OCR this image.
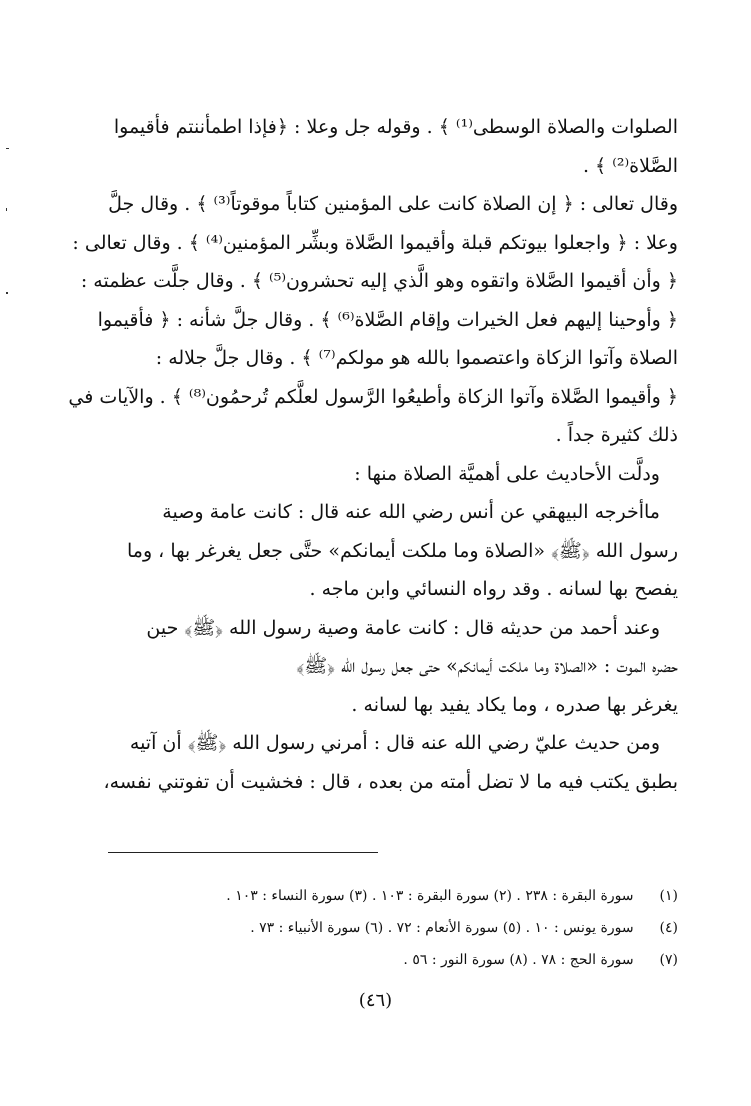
الصلوات والصلاة الوسطى⁽¹⁾ ﴾ . وقوله جل وعلا : ﴿فإذا اطمأننتم فأقيموا
الصَّلاة⁽²⁾ ﴾ .
وقال تعالى : ﴿ إن الصلاة كانت على المؤمنين كتاباً موقوتاً⁽³⁾ ﴾ . وقال جلَّ
وعلا : ﴿ واجعلوا بيوتكم قبلة وأقيموا الصَّلاة وبشِّر المؤمنين⁽⁴⁾ ﴾ . وقال تعالى :
﴿ وأن أقيموا الصَّلاة واتقوه وهو الَّذي إليه تحشرون⁽⁵⁾ ﴾ . وقال جلَّت عظمته :
﴿ وأوحينا إليهم فعل الخيرات وإقام الصَّلاة⁽⁶⁾ ﴾ . وقال جلَّ شأنه : ﴿ فأقيموا
الصلاة وآتوا الزكاة واعتصموا بالله هو مولكم⁽⁷⁾ ﴾ . وقال جلَّ جلاله :
﴿ وأقيموا الصَّلاة وآتوا الزكاة وأطيعُوا الرَّسول لعلَّكم تُرحمُون⁽⁸⁾ ﴾ . والآيات في
ذلك كثيرة جداً .
ودلَّت الأحاديث على أهميَّة الصلاة منها :
ماأخرجه البيهقي عن أنس رضي الله عنه قال : كانت عامة وصية
رسول الله ﴿ﷺ﴾ «الصلاة وما ملكت أيمانكم» حتَّى جعل يغرغر بها ، وما
يفصح بها لسانه . وقد رواه النسائي وابن ماجه .
وعند أحمد من حديثه قال : كانت عامة وصية رسول الله ﴿ﷺ﴾ حين
حضره الموت : «الصلاة وما ملكت أيمانكم» حتى جعل رسول الله ﴿ﷺ﴾
يغرغر بها صدره ، وما يكاد يفيد بها لسانه .
ومن حديث عليّ رضي الله عنه قال : أمرني رسول الله ﴿ﷺ﴾ أن آتيه
بطبق يكتب فيه ما لا تضل أمته من بعده ، قال : فخشيت أن تفوتني نفسه،
(١) سورة البقرة : ٢٣٨ . (٢) سورة البقرة : ١٠٣ . (٣) سورة النساء : ١٠٣ .
(٤) سورة يونس : ١٠ . (٥) سورة الأنعام : ٧٢ . (٦) سورة الأنبياء : ٧٣ .
(٧) سورة الحج : ٧٨ . (٨) سورة النور : ٥٦ .
(٤٦)
